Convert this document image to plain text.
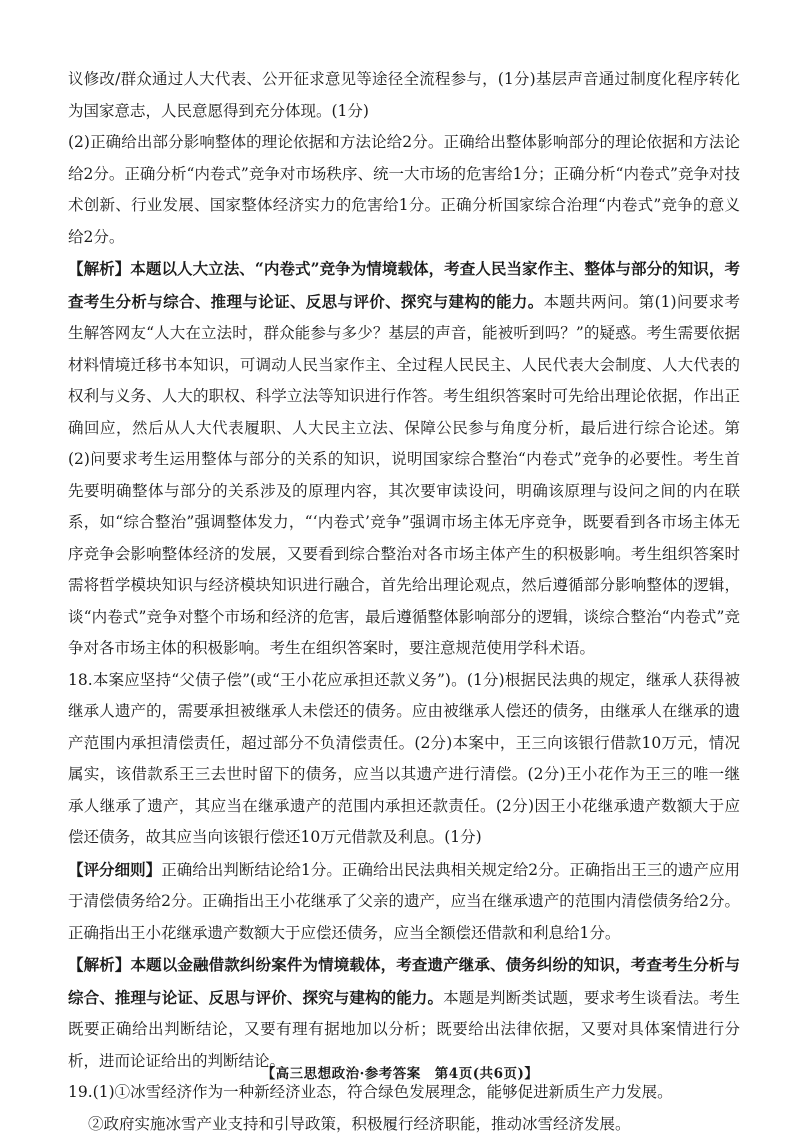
议修改/群众通过人大代表、公开征求意见等途径全流程参与，(1分)基层声音通过制度化程序转化为国家意志，人民意愿得到充分体现。(1分)

(2)正确给出部分影响整体的理论依据和方法论给2分。正确给出整体影响部分的理论依据和方法论给2分。正确分析“内卷式”竞争对市场秩序、统一大市场的危害给1分；正确分析“内卷式”竞争对技术创新、行业发展、国家整体经济实力的危害给1分。正确分析国家综合治理“内卷式”竞争的意义给2分。

【解析】本题以人大立法、“内卷式”竞争为情境载体，考查人民当家作主、整体与部分的知识，考查考生分析与综合、推理与论证、反思与评价、探究与建构的能力。本题共两问。第(1)问要求考生解答网友“人大在立法时，群众能参与多少？基层的声音，能被听到吗？”的疑惑。考生需要依据材料情境迁移书本知识，可调动人民当家作主、全过程人民民主、人民代表大会制度、人大代表的权利与义务、人大的职权、科学立法等知识进行作答。考生组织答案时可先给出理论依据，作出正确回应，然后从人大代表履职、人大民主立法、保障公民参与角度分析，最后进行综合论述。第(2)问要求考生运用整体与部分的关系的知识，说明国家综合整治“内卷式”竞争的必要性。考生首先要明确整体与部分的关系涉及的原理内容，其次要审读设问，明确该原理与设问之间的内在联系，如“综合整治”强调整体发力，“‘内卷式’竞争”强调市场主体无序竞争，既要看到各市场主体无序竞争会影响整体经济的发展，又要看到综合整治对各市场主体产生的积极影响。考生组织答案时需将哲学模块知识与经济模块知识进行融合，首先给出理论观点，然后遵循部分影响整体的逻辑，谈“内卷式”竞争对整个市场和经济的危害，最后遵循整体影响部分的逻辑，谈综合整治“内卷式”竞争对各市场主体的积极影响。考生在组织答案时，要注意规范使用学科术语。

18.本案应坚持“父债子偿”(或“王小花应承担还款义务”)。(1分)根据民法典的规定，继承人获得被继承人遗产的，需要承担被继承人未偿还的债务。应由被继承人偿还的债务，由继承人在继承的遗产范围内承担清偿责任，超过部分不负清偿责任。(2分)本案中，王三向该银行借款10万元，情况属实，该借款系王三去世时留下的债务，应当以其遗产进行清偿。(2分)王小花作为王三的唯一继承人继承了遗产，其应当在继承遗产的范围内承担还款责任。(2分)因王小花继承遗产数额大于应偿还债务，故其应当向该银行偿还10万元借款及利息。(1分)

【评分细则】正确给出判断结论给1分。正确给出民法典相关规定给2分。正确指出王三的遗产应用于清偿债务给2分。正确指出王小花继承了父亲的遗产，应当在继承遗产的范围内清偿债务给2分。正确指出王小花继承遗产数额大于应偿还债务，应当全额偿还借款和利息给1分。

【解析】本题以金融借款纠纷案件为情境载体，考查遗产继承、债务纠纷的知识，考查考生分析与综合、推理与论证、反思与评价、探究与建构的能力。本题是判断类试题，要求考生谈看法。考生既要正确给出判断结论，又要有理有据地加以分析；既要给出法律依据，又要对具体案情进行分析，进而论证给出的判断结论。

19.(1)①冰雪经济作为一种新经济业态，符合绿色发展理念，能够促进新质生产力发展。

②政府实施冰雪产业支持和引导政策，积极履行经济职能，推动冰雪经济发展。

【高三思想政治·参考答案　第4页(共6页)】
